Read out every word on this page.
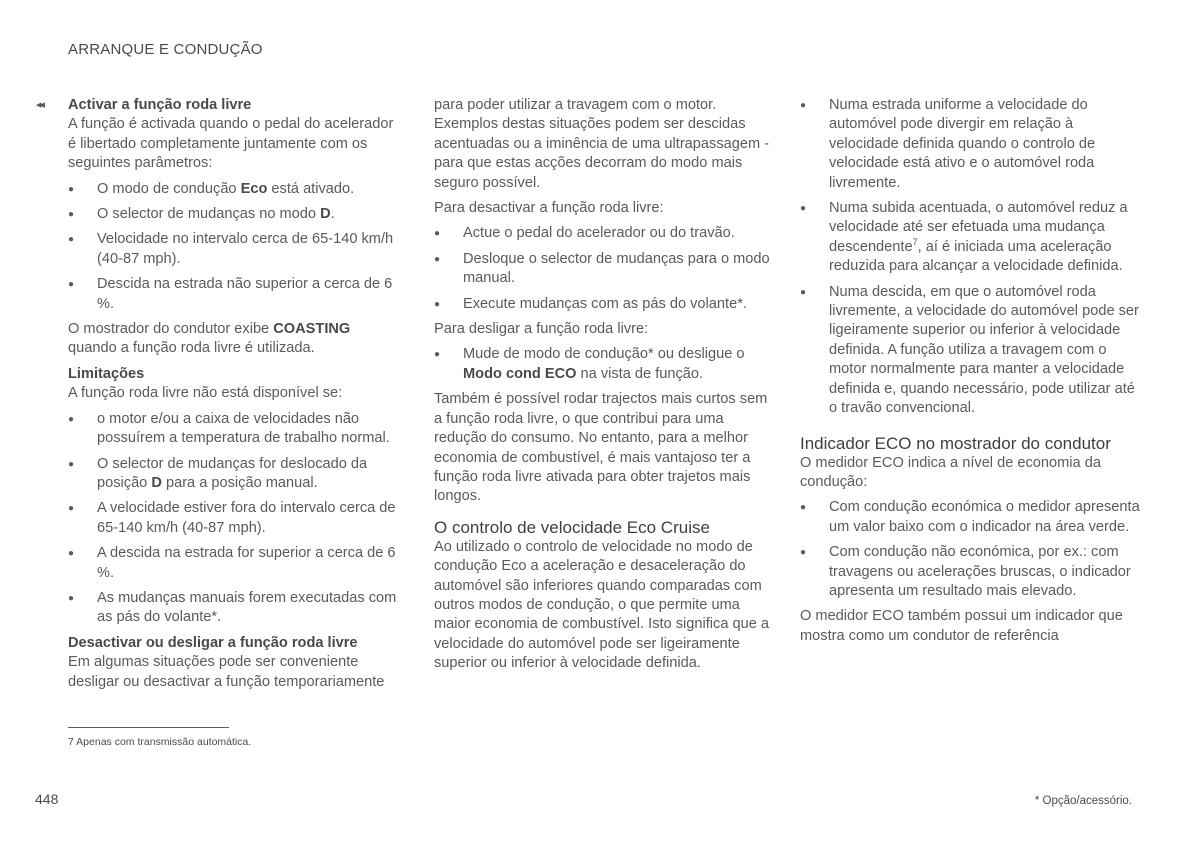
ARRANQUE E CONDUÇÃO
◂◂ Activar a função roda livre

A função é activada quando o pedal do acelerador é libertado completamente juntamente com os seguintes parâmetros:

● O modo de condução Eco está ativado.
● O selector de mudanças no modo D.
● Velocidade no intervalo cerca de 65-140 km/h (40-87 mph).
● Descida na estrada não superior a cerca de 6 %.

O mostrador do condutor exibe COASTING quando a função roda livre é utilizada.

Limitações

A função roda livre não está disponível se:

● o motor e/ou a caixa de velocidades não possuírem a temperatura de trabalho normal.
● O selector de mudanças for deslocado da posição D para a posição manual.
● A velocidade estiver fora do intervalo cerca de 65-140 km/h (40-87 mph).
● A descida na estrada for superior a cerca de 6 %.
● As mudanças manuais forem executadas com as pás do volante*.

Desactivar ou desligar a função roda livre

Em algumas situações pode ser conveniente desligar ou desactivar a função temporariamente

para poder utilizar a travagem com o motor. Exemplos destas situações podem ser descidas acentuadas ou a iminência de uma ultrapassagem - para que estas acções decorram do modo mais seguro possível.

Para desactivar a função roda livre:

● Actue o pedal do acelerador ou do travão.
● Desloque o selector de mudanças para o modo manual.
● Execute mudanças com as pás do volante*.

Para desligar a função roda livre:

● Mude de modo de condução* ou desligue o Modo cond ECO na vista de função.

Também é possível rodar trajectos mais curtos sem a função roda livre, o que contribui para uma redução do consumo. No entanto, para a melhor economia de combustível, é mais vantajoso ter a função roda livre ativada para obter trajetos mais longos.

O controlo de velocidade Eco Cruise

Ao utilizado o controlo de velocidade no modo de condução Eco a aceleração e desaceleração do automóvel são inferiores quando comparadas com outros modos de condução, o que permite uma maior economia de combustível. Isto significa que a velocidade do automóvel pode ser ligeiramente superior ou inferior à velocidade definida.

● Numa estrada uniforme a velocidade do automóvel pode divergir em relação à velocidade definida quando o controlo de velocidade está ativo e o automóvel roda livremente.
● Numa subida acentuada, o automóvel reduz a velocidade até ser efetuada uma mudança descendente$^7$, aí é iniciada uma aceleração reduzida para alcançar a velocidade definida.
● Numa descida, em que o automóvel roda livremente, a velocidade do automóvel pode ser ligeiramente superior ou inferior à velocidade definida. A função utiliza a travagem com o motor normalmente para manter a velocidade definida e, quando necessário, pode utilizar até o travão convencional.

Indicador ECO no mostrador do condutor

O medidor ECO indica a nível de economia da condução:

● Com condução económica o medidor apresenta um valor baixo com o indicador na área verde.
● Com condução não económica, por ex.: com travagens ou acelerações bruscas, o indicador apresenta um resultado mais elevado.

O medidor ECO também possui um indicador que mostra como um condutor de referência

7 Apenas com transmissão automática.
448	* Opção/acessório.
